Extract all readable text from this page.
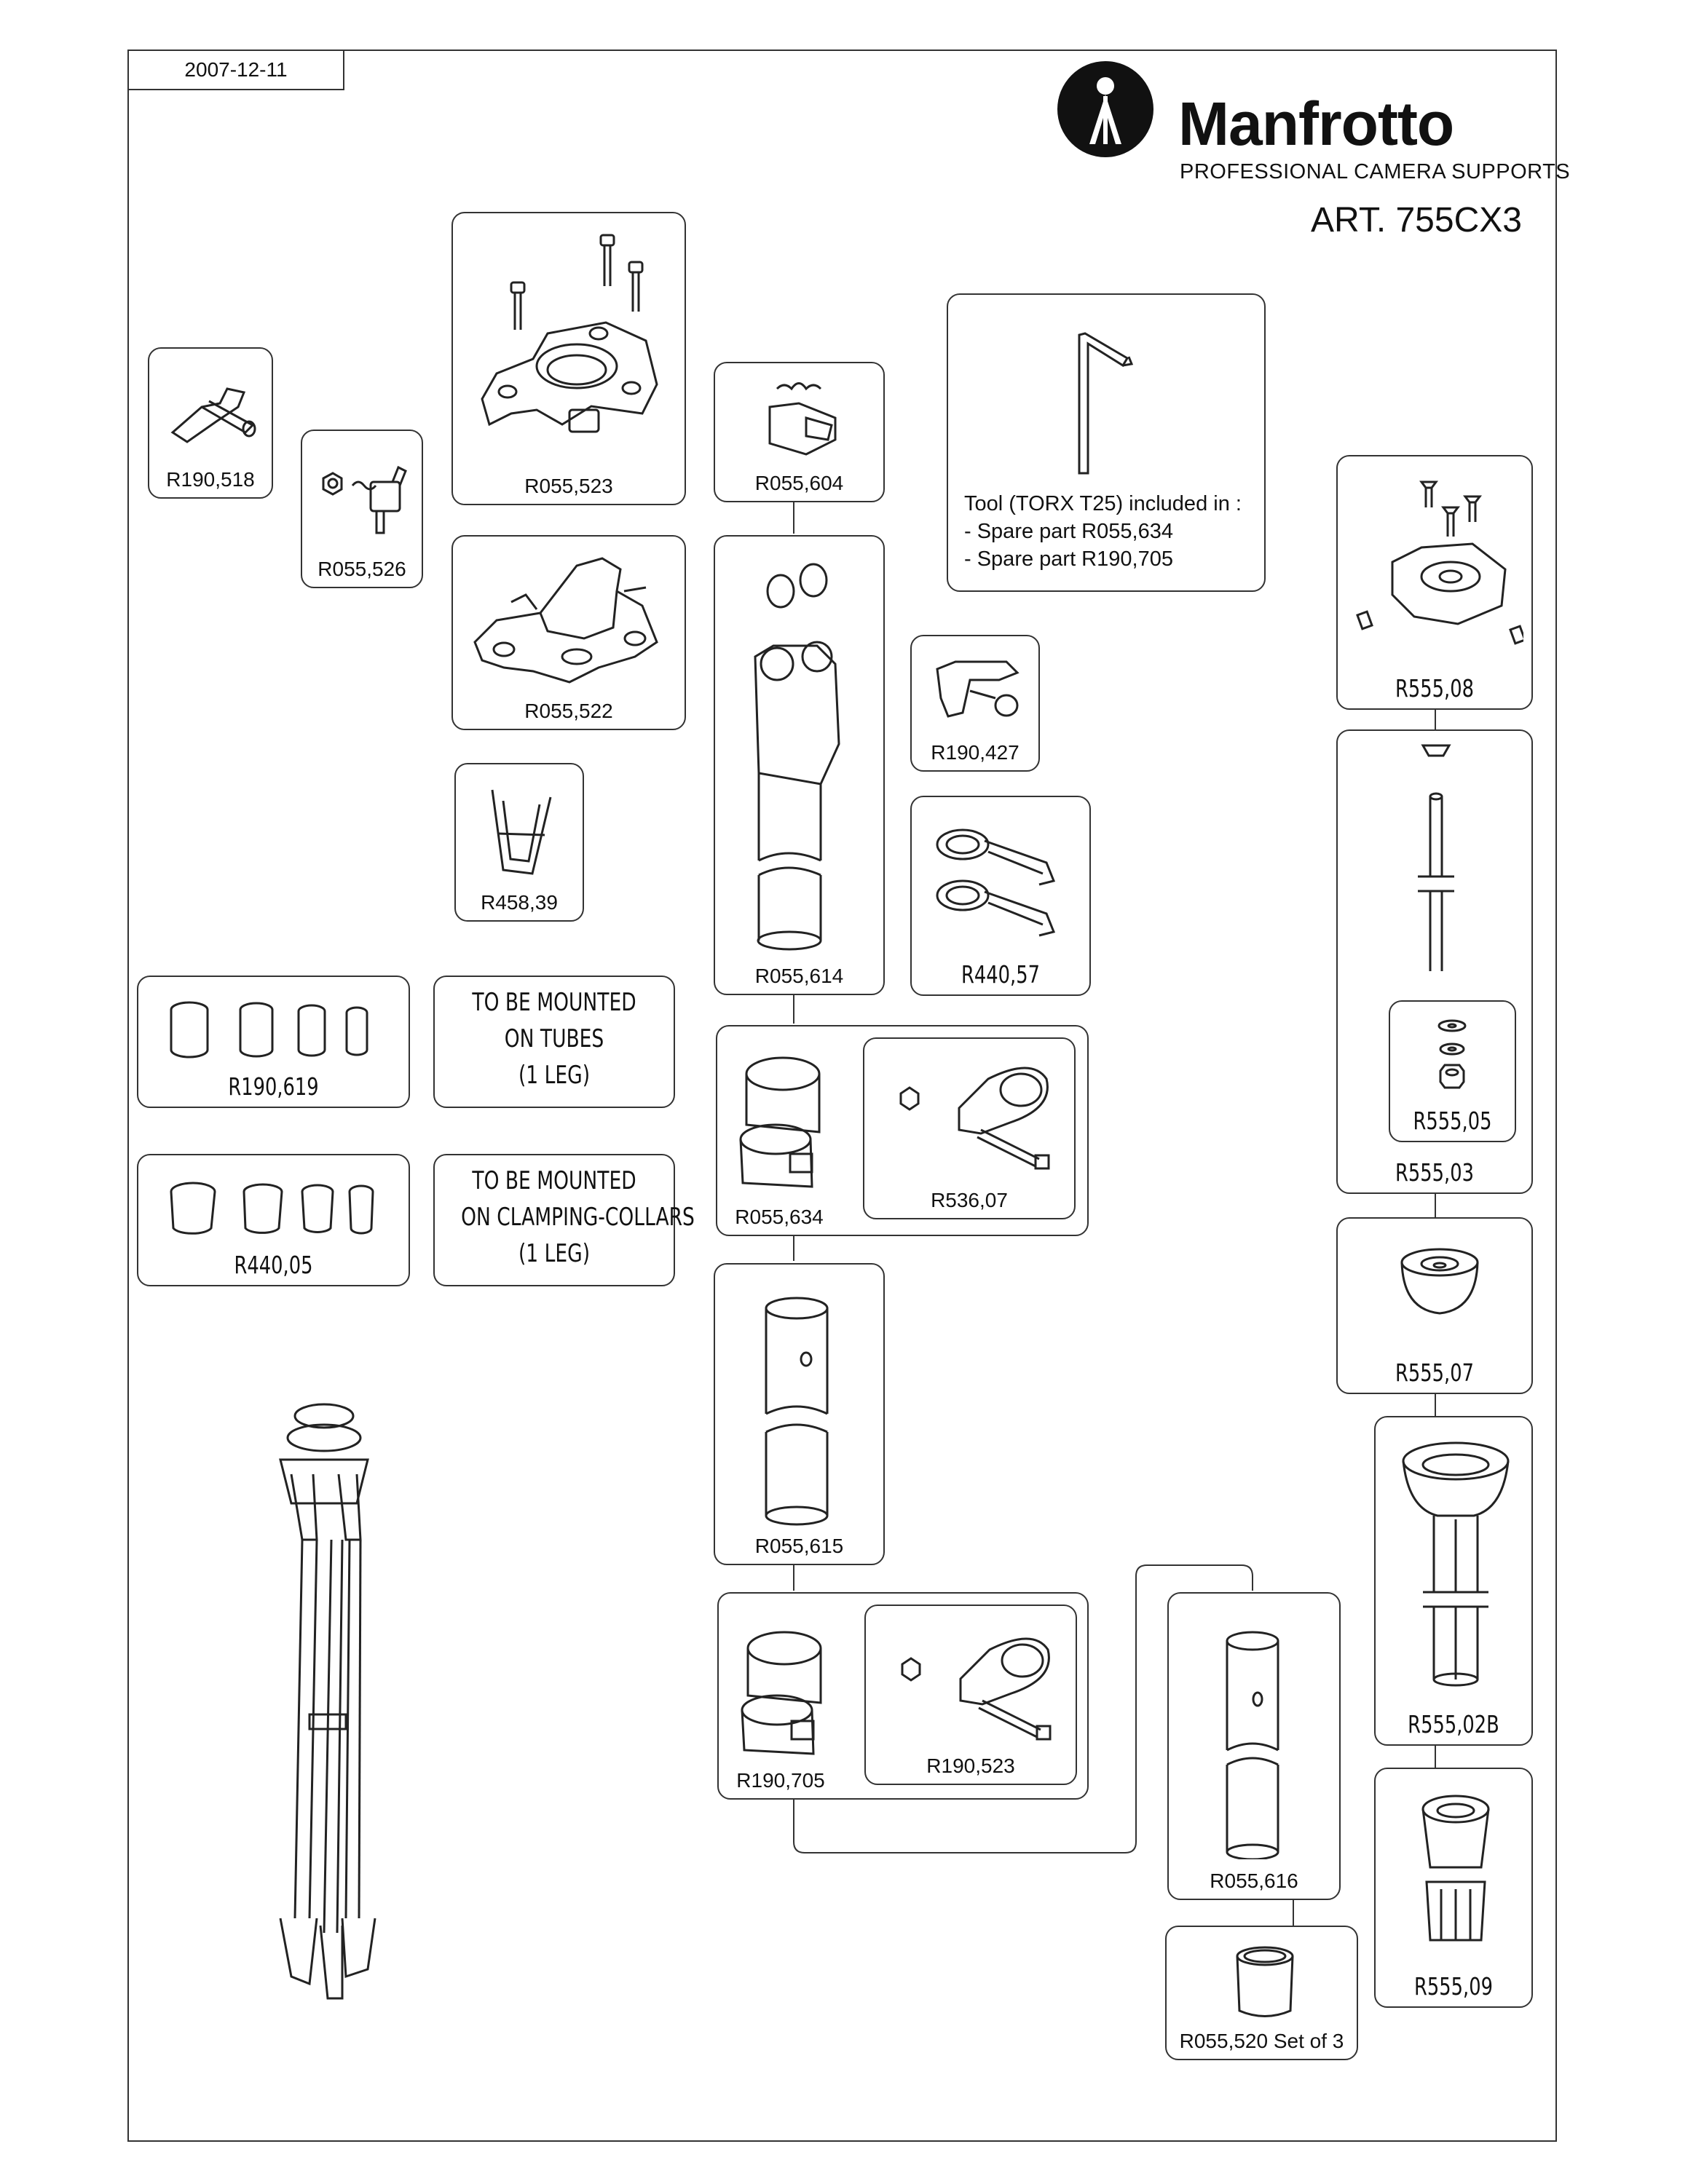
2007-12-11
Manfrotto
PROFESSIONAL CAMERA SUPPORTS
ART. 755CX3
R190,518
R055,526
R055,523
R055,522
R458,39
R190,619
TO BE MOUNTED
ON TUBES
(1 LEG)
R440,05
TO BE MOUNTED
ON CLAMPING-COLLARS
(1 LEG)
R055,604
R055,614
R190,427
R440,57
R536,07
R055,634
R055,615
R190,523
R190,705
Tool (TORX T25) included in :
- Spare part R055,634
- Spare part R190,705
R055,616
R055,520 Set of 3
R555,08
R555,05
R555,03
R555,07
R555,02B
R555,09
